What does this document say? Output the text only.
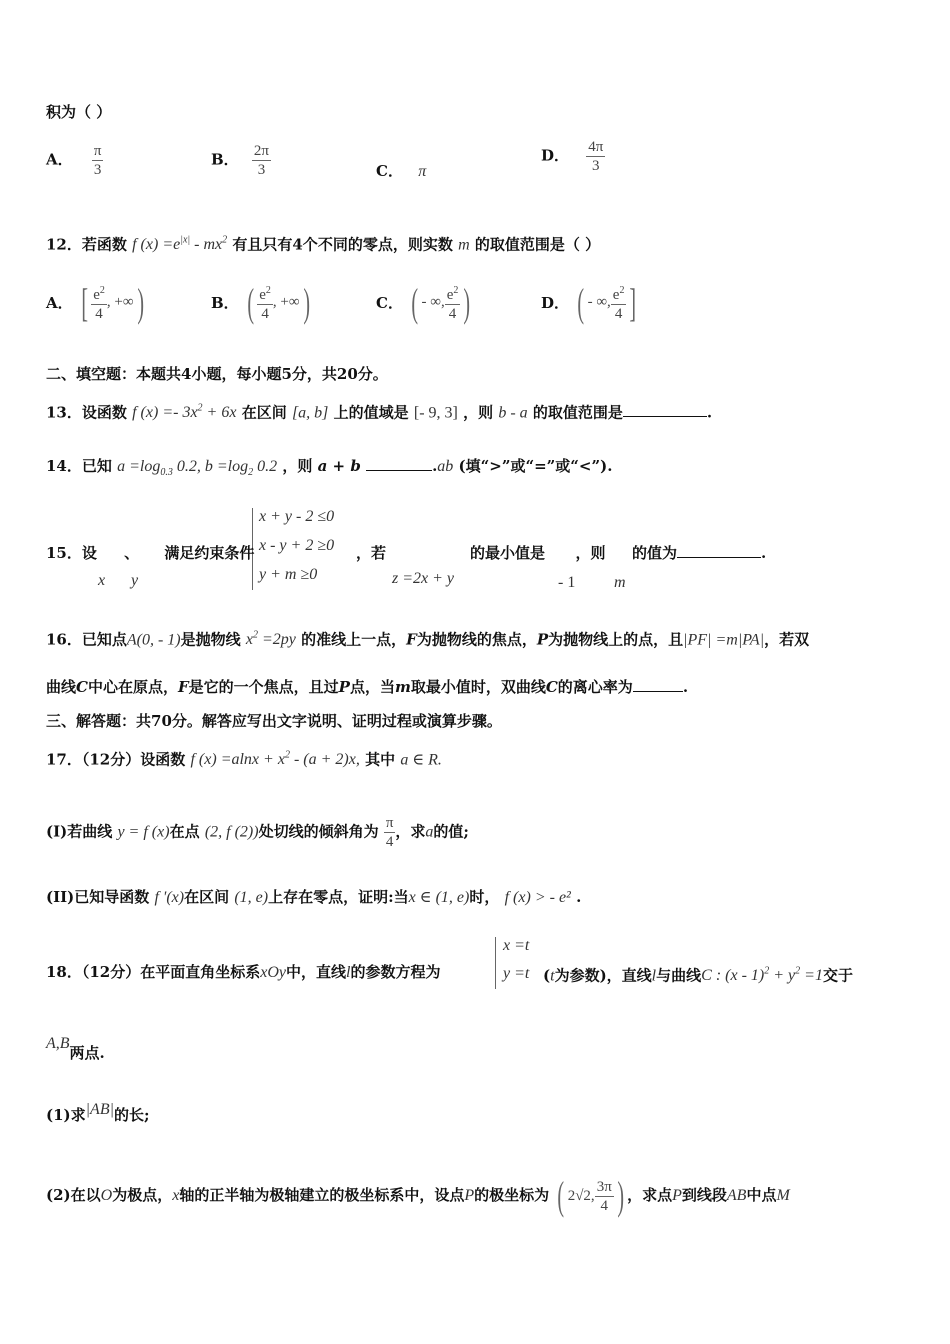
积为（ ）
A． $\frac{\pi}{3}$	B． $\frac{2\pi}{3}$	C． π
D． $\frac{4\pi}{3}$
12．若函数 f $(x) =e^{|x|} - mx^2$ 有且只有4个不同的零点，则实数 m 的取值范围是（ ）
A． [ $\frac{e^2}{4}$ , +∞ )	B． ( $\frac{e^2}{4}$ , +∞ )	C． ( - ∞, $\frac{e^2}{4}$ )	D． ( - ∞, $\frac{e^2}{4}$ ]
二、填空题：本题共4小题，每小题5分，共20分。
13．设函数 f $(x) =- 3x^2 + 6x$ 在区间 [a, b] 上的值域是 [- 9, 3] ，则 b - a 的取值范围是	.
14．已知 $a =\log_{0.3}$ 0.2, $b =\log_2$ 0.2 ，则 a + b	.ab (填“>”或“=”或“<”).
x + y - 2 ≤0
x - y + 2 ≥0
y + m ≥0
15．设 、 满足约束条件	，若	的最小值是 ，则 的值为	.
x y	z =2x + y	- 1 m
16．已知点A(0, - 1)是抛物线 $x^2 =2py$ 的准线上一点，F为抛物线的焦点，P为抛物线上的点，且|PF| =m|PA|，若双
曲线C中心在原点，F是它的一个焦点，且过P点，当m取最小值时，双曲线C的离心率为	.
三、解答题：共70分。解答应写出文字说明、证明过程或演算步骤。
17．（12分）设函数 f $(x) =alnx + x^2 - (a + 2)x$, 其中 a ∈ R.
(I)若曲线 y = f (x)在点 (2, f (2))处切线的倾斜角为 $\frac{\pi}{4}$ ，求a的值;
(II)已知导函数 f '(x)在区间 (1, e)上存在零点，证明:当x ∈ (1, e)时， f (x) > - e² .
x =t
y =t
18．（12分）在平面直角坐标系xOy中，直线l的参数方程为	(t为参数)，直线l与曲线C : $(x - 1)^2 + y^2 =1$交于
A,B两点.
(1)求|AB|的长;
(2)在以O为极点，x轴的正半轴为极轴建立的极坐标系中，设点P的极坐标为 ( 2√2, $\frac{3\pi}{4}$ ) ，求点P到线段AB中点M
